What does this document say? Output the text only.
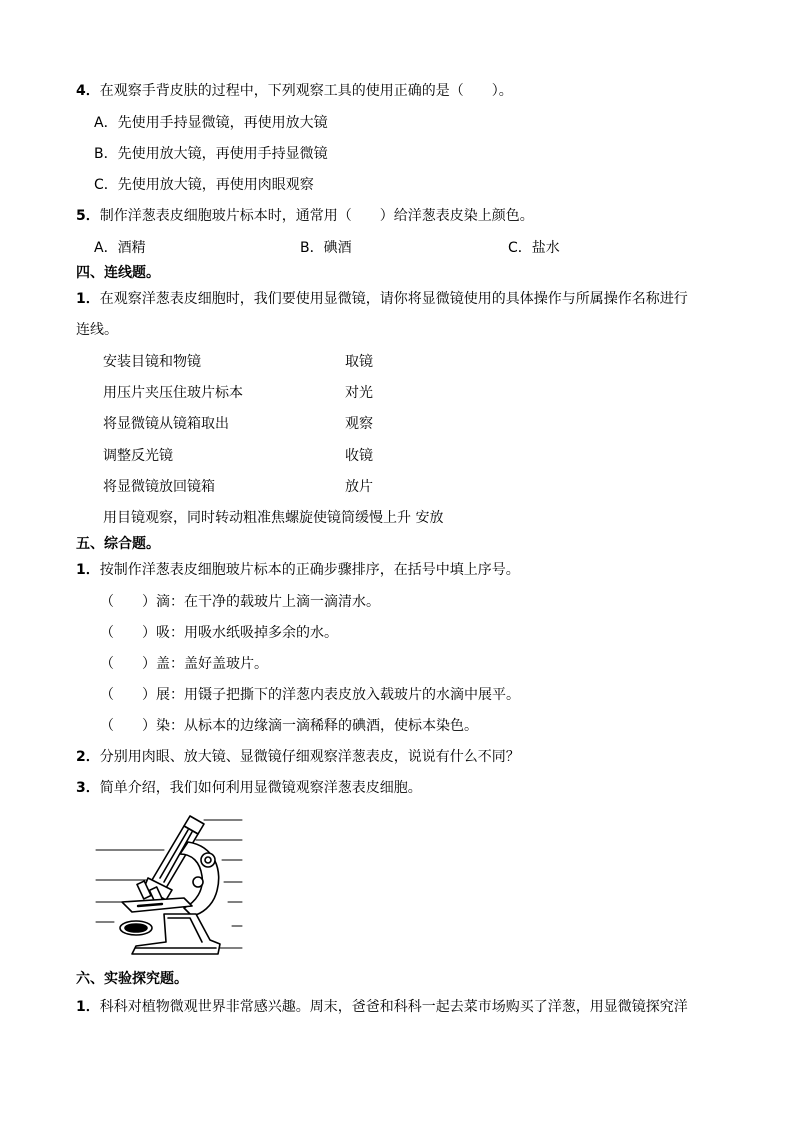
4．在观察手背皮肤的过程中，下列观察工具的使用正确的是（　　）。
A．先使用手持显微镜，再使用放大镜
B．先使用放大镜，再使用手持显微镜
C．先使用放大镜，再使用肉眼观察
5．制作洋葱表皮细胞玻片标本时，通常用（　　）给洋葱表皮染上颜色。
A．酒精	B．碘酒	C．盐水
四、连线题。
1．在观察洋葱表皮细胞时，我们要使用显微镜，请你将显微镜使用的具体操作与所属操作名称进行
连线。
安装目镜和物镜	取镜
用压片夹压住玻片标本	对光
将显微镜从镜箱取出	观察
调整反光镜	收镜
将显微镜放回镜箱	放片
用目镜观察，同时转动粗准焦螺旋使镜筒缓慢上升 安放
五、综合题。
1．按制作洋葱表皮细胞玻片标本的正确步骤排序，在括号中填上序号。
（　　）滴：在干净的载玻片上滴一滴清水。
（　　）吸：用吸水纸吸掉多余的水。
（　　）盖：盖好盖玻片。
（　　）展：用镊子把撕下的洋葱内表皮放入载玻片的水滴中展平。
（　　）染：从标本的边缘滴一滴稀释的碘酒，使标本染色。
2．分别用肉眼、放大镜、显微镜仔细观察洋葱表皮，说说有什么不同？
3．简单介绍，我们如何利用显微镜观察洋葱表皮细胞。
六、实验探究题。
1．科科对植物微观世界非常感兴趣。周末，爸爸和科科一起去菜市场购买了洋葱，用显微镜探究洋
